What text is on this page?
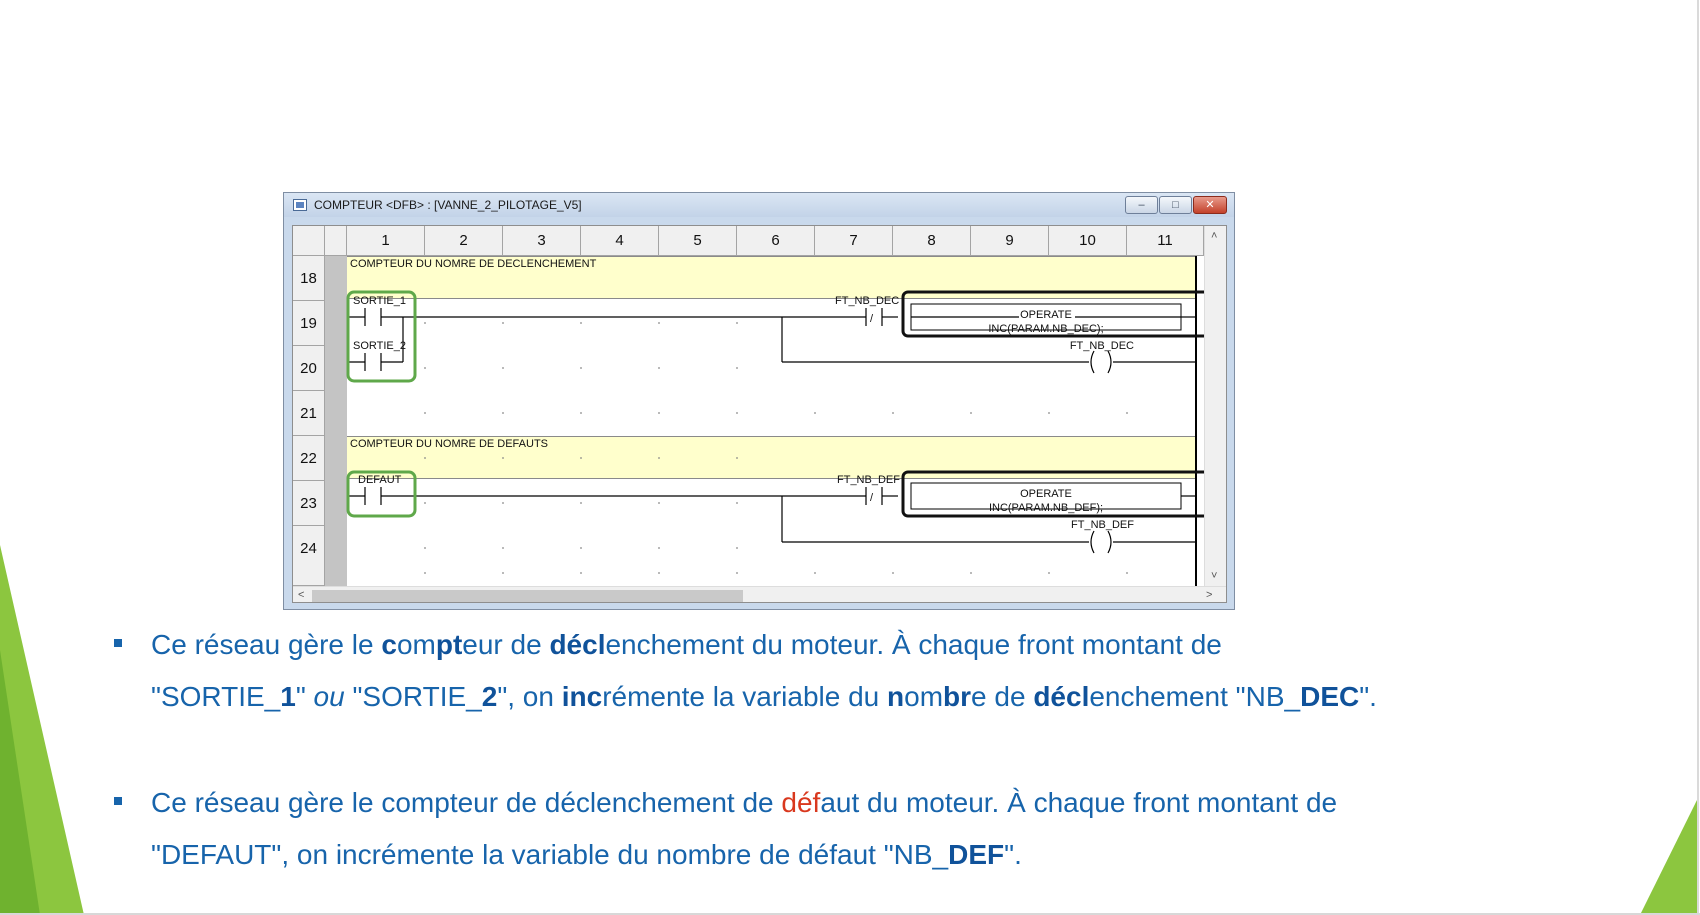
COMPTEUR <DFB> : [VANNE_2_PILOTAGE_V5]	–	□	✕
1	2	3	4	5	6	7	8	9	10	11
18
19
20
21
22
23
24
COMPTEUR DU NOMRE DE DECLENCHEMENT
COMPTEUR DU NOMRE DE DEFAUTS
/
/
SORTIE_1
SORTIE_2
DEFAUT
FT_NB_DEC
FT_NB_DEF
FT_NB_DEC
FT_NB_DEF
OPERATE
INC(PARAM.NB_DEC);
OPERATE
INC(PARAM.NB_DEF);
˄
˅
<	>
Ce réseau gère le compteur de déclenchement du moteur. À chaque front montant de
"SORTIE_1" ou "SORTIE_2", on incrémente la variable du nombre de déclenchement "NB_DEC".
Ce réseau gère le compteur de déclenchement de défaut du moteur. À chaque front montant de
"DEFAUT", on incrémente la variable du nombre de défaut "NB_DEF".
